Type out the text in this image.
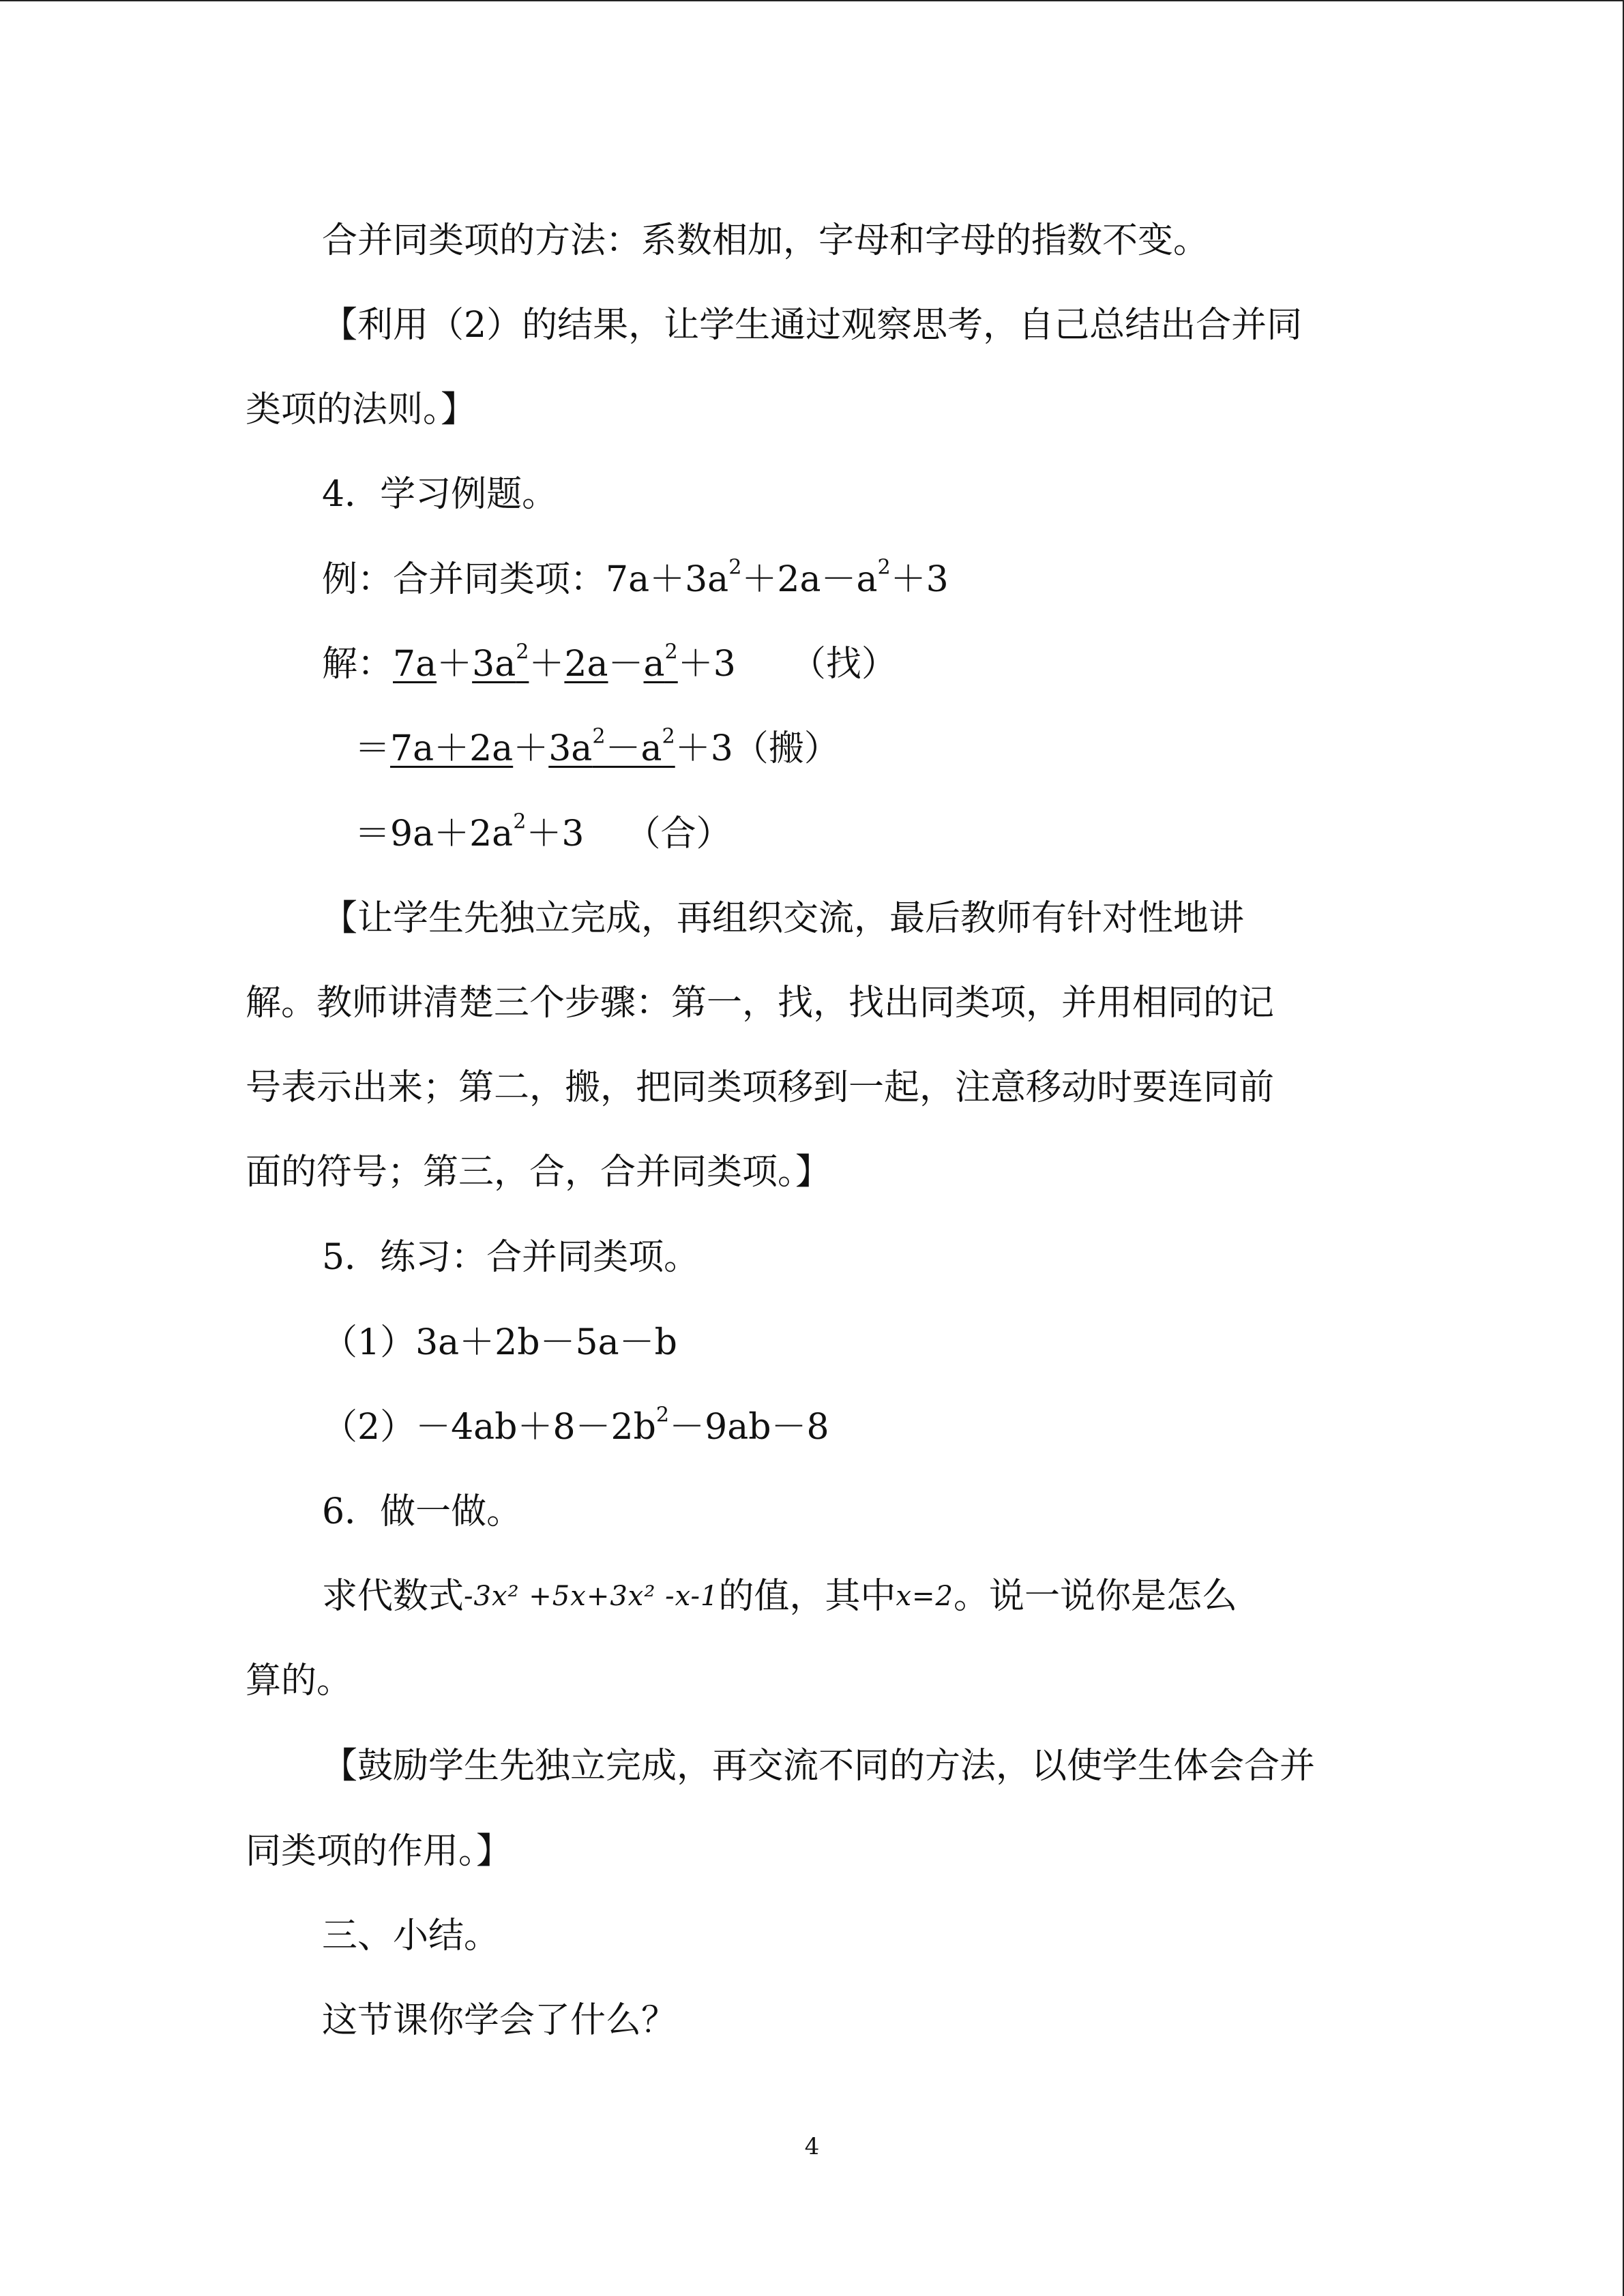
合并同类项的方法：系数相加，字母和字母的指数不变。
【利用（2）的结果，让学生通过观察思考，自己总结出合并同
类项的法则。】
4．学习例题。
例：合并同类项：$7a+3a^2+2a-a^2+3$
解：$7a+3a^2+2a-a^2+3$ （找）
$=7a+2a+3a^2-a^2+3$（搬）
$=9a+2a^2+3$ （合）
【让学生先独立完成，再组织交流，最后教师有针对性地讲
解。教师讲清楚三个步骤：第一，找，找出同类项，并用相同的记
号表示出来；第二，搬，把同类项移到一起，注意移动时要连同前
面的符号；第三，合，合并同类项。】
5．练习：合并同类项。
（1）3a＋2b－5a－b
$(2)-4ab+8-2b^2-9ab-8$
6．做一做。
求代数式-3x² +5x+3x² -x-1的值，其中x=2。说一说你是怎么
算的。
【鼓励学生先独立完成，再交流不同的方法，以使学生体会合并
同类项的作用。】
三、小结。
这节课你学会了什么？
4
